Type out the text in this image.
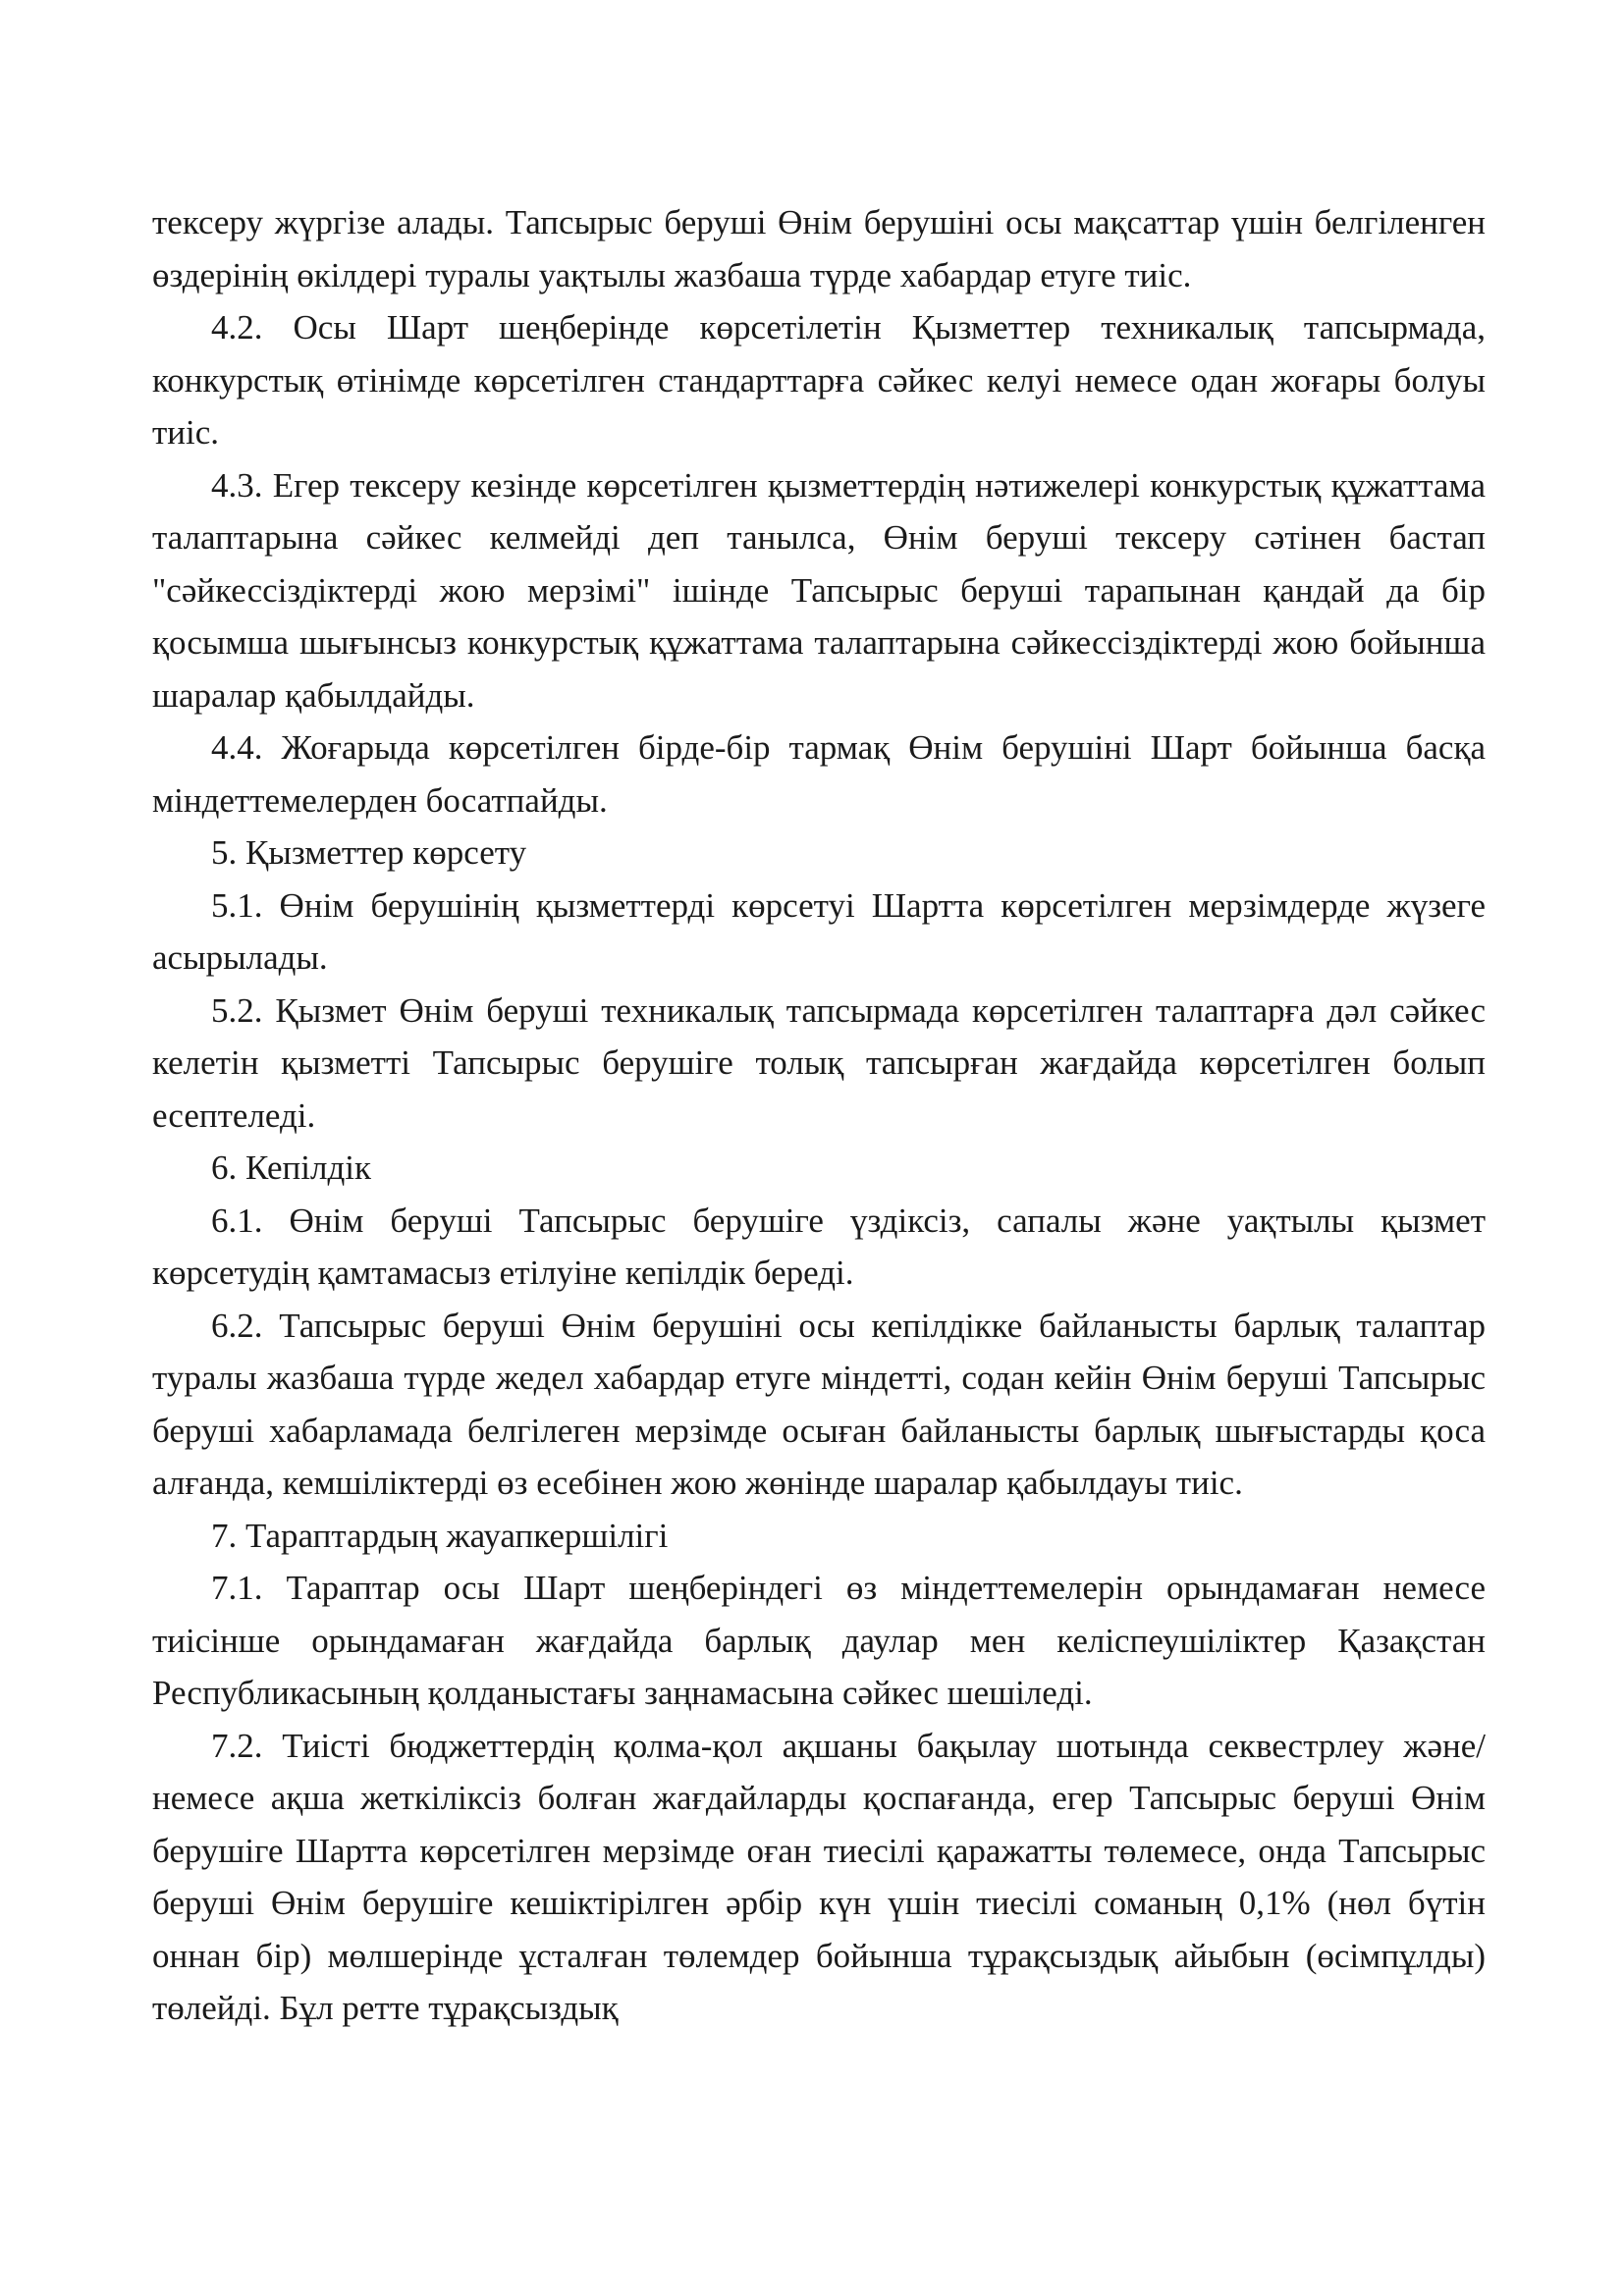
тексеру жүргізе алады. Тапсырыс беруші Өнім берушіні осы мақсаттар үшін белгіленген өздерінің өкілдері туралы уақтылы жазбаша түрде хабардар етуге тиіс.

4.2. Осы Шарт шеңберінде көрсетілетін Қызметтер техникалық тапсырмада, конкурстық өтінімде көрсетілген стандарттарға сәйкес келуі немесе одан жоғары болуы тиіс.

4.3. Егер тексеру кезінде көрсетілген қызметтердің нәтижелері конкурстық құжаттама талаптарына сәйкес келмейді деп танылса, Өнім беруші тексеру сәтінен бастап "сәйкессіздіктерді жою мерзімі" ішінде Тапсырыс беруші тарапынан қандай да бір қосымша шығынсыз конкурстық құжаттама талаптарына сәйкессіздіктерді жою бойынша шаралар қабылдайды.

4.4. Жоғарыда көрсетілген бірде-бір тармақ Өнім берушіні Шарт бойынша басқа міндеттемелерден босатпайды.

5. Қызметтер көрсету

5.1. Өнім берушінің қызметтерді көрсетуі Шартта көрсетілген мерзімдерде жүзеге асырылады.

5.2. Қызмет Өнім беруші техникалық тапсырмада көрсетілген талаптарға дәл сәйкес келетін қызметті Тапсырыс берушіге толық тапсырған жағдайда көрсетілген болып есептеледі.

6. Кепілдік

6.1. Өнім беруші Тапсырыс берушіге үздіксіз, сапалы және уақтылы қызмет көрсетудің қамтамасыз етілуіне кепілдік береді.

6.2. Тапсырыс беруші Өнім берушіні осы кепілдікке байланысты барлық талаптар туралы жазбаша түрде жедел хабардар етуге міндетті, содан кейін Өнім беруші Тапсырыс беруші хабарламада белгілеген мерзімде осыған байланысты барлық шығыстарды қоса алғанда, кемшіліктерді өз есебінен жою жөнінде шаралар қабылдауы тиіс.

7. Тараптардың жауапкершілігі

7.1. Тараптар осы Шарт шеңберіндегі өз міндеттемелерін орындамаған немесе тиісінше орындамаған жағдайда барлық даулар мен келіспеушіліктер Қазақстан Республикасының қолданыстағы заңнамасына сәйкес шешіледі.

7.2. Тиісті бюджеттердің қолма-қол ақшаны бақылау шотында секвестрлеу және/немесе ақша жеткіліксіз болған жағдайларды қоспағанда, егер Тапсырыс беруші Өнім берушіге Шартта көрсетілген мерзімде оған тиесілі қаражатты төлемесе, онда Тапсырыс беруші Өнім берушіге кешіктірілген әрбір күн үшін тиесілі соманың 0,1% (нөл бүтін оннан бір) мөлшерінде ұсталған төлемдер бойынша тұрақсыздық айыбын (өсімпұлды) төлейді. Бұл ретте тұрақсыздық
